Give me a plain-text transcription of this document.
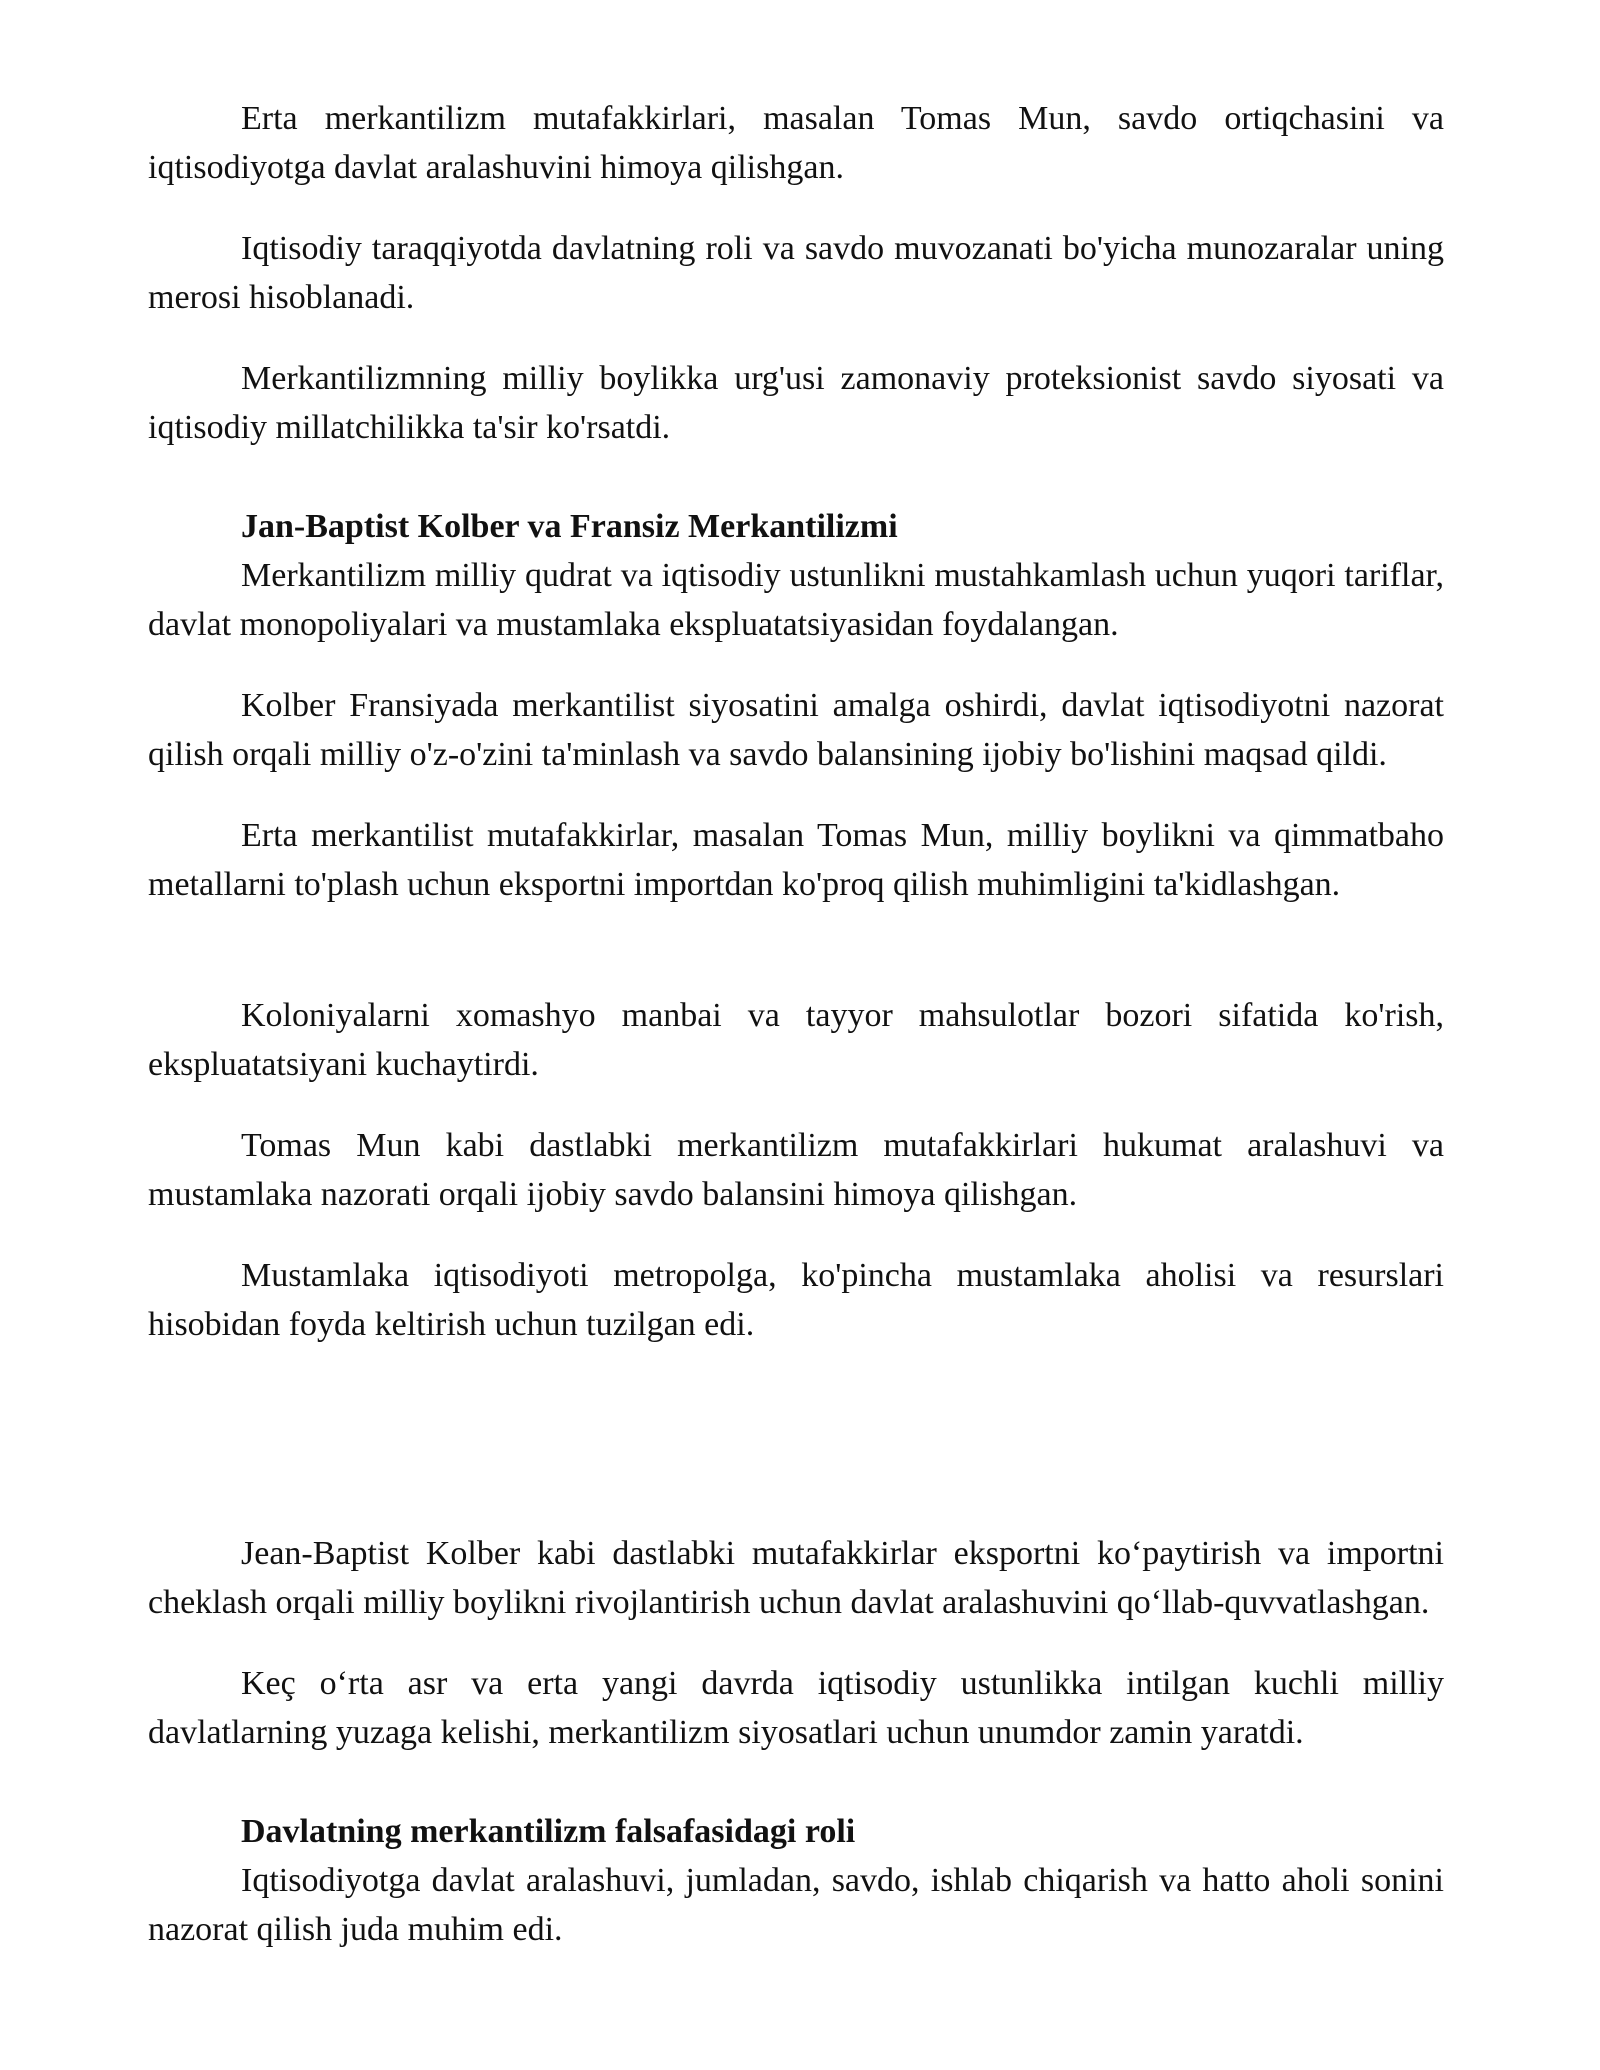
Erta merkantilizm mutafakkirlari, masalan Tomas Mun, savdo ortiqchasini va iqtisodiyotga davlat aralashuvini himoya qilishgan.

Iqtisodiy taraqqiyotda davlatning roli va savdo muvozanati bo'yicha munozaralar uning merosi hisoblanadi.

Merkantilizmning milliy boylikka urg'usi zamonaviy proteksionist savdo siyosati va iqtisodiy millatchilikka ta'sir ko'rsatdi.

Jan-Baptist Kolber va Fransiz Merkantilizmi

Merkantilizm milliy qudrat va iqtisodiy ustunlikni mustahkamlash uchun yuqori tariflar, davlat monopoliyalari va mustamlaka ekspluatatsiyasidan foydalangan.

Kolber Fransiyada merkantilist siyosatini amalga oshirdi, davlat iqtisodiyotni nazorat qilish orqali milliy o'z-o'zini ta'minlash va savdo balansining ijobiy bo'lishini maqsad qildi.

Erta merkantilist mutafakkirlar, masalan Tomas Mun, milliy boylikni va qimmatbaho metallarni to'plash uchun eksportni importdan ko'proq qilish muhimligini ta'kidlashgan.

Koloniyalarni xomashyo manbai va tayyor mahsulotlar bozori sifatida ko'rish, ekspluatatsiyani kuchaytirdi.

Tomas Mun kabi dastlabki merkantilizm mutafakkirlari hukumat aralashuvi va mustamlaka nazorati orqali ijobiy savdo balansini himoya qilishgan.

Mustamlaka iqtisodiyoti metropolga, ko'pincha mustamlaka aholisi va resurslari hisobidan foyda keltirish uchun tuzilgan edi.

Jean-Baptist Kolber kabi dastlabki mutafakkirlar eksportni ko‘paytirish va importni cheklash orqali milliy boylikni rivojlantirish uchun davlat aralashuvini qo‘llab-quvvatlashgan.

Keç o‘rta asr va erta yangi davrda iqtisodiy ustunlikka intilgan kuchli milliy davlatlarning yuzaga kelishi, merkantilizm siyosatlari uchun unumdor zamin yaratdi.

Davlatning merkantilizm falsafasidagi roli

Iqtisodiyotga davlat aralashuvi, jumladan, savdo, ishlab chiqarish va hatto aholi sonini nazorat qilish juda muhim edi.
